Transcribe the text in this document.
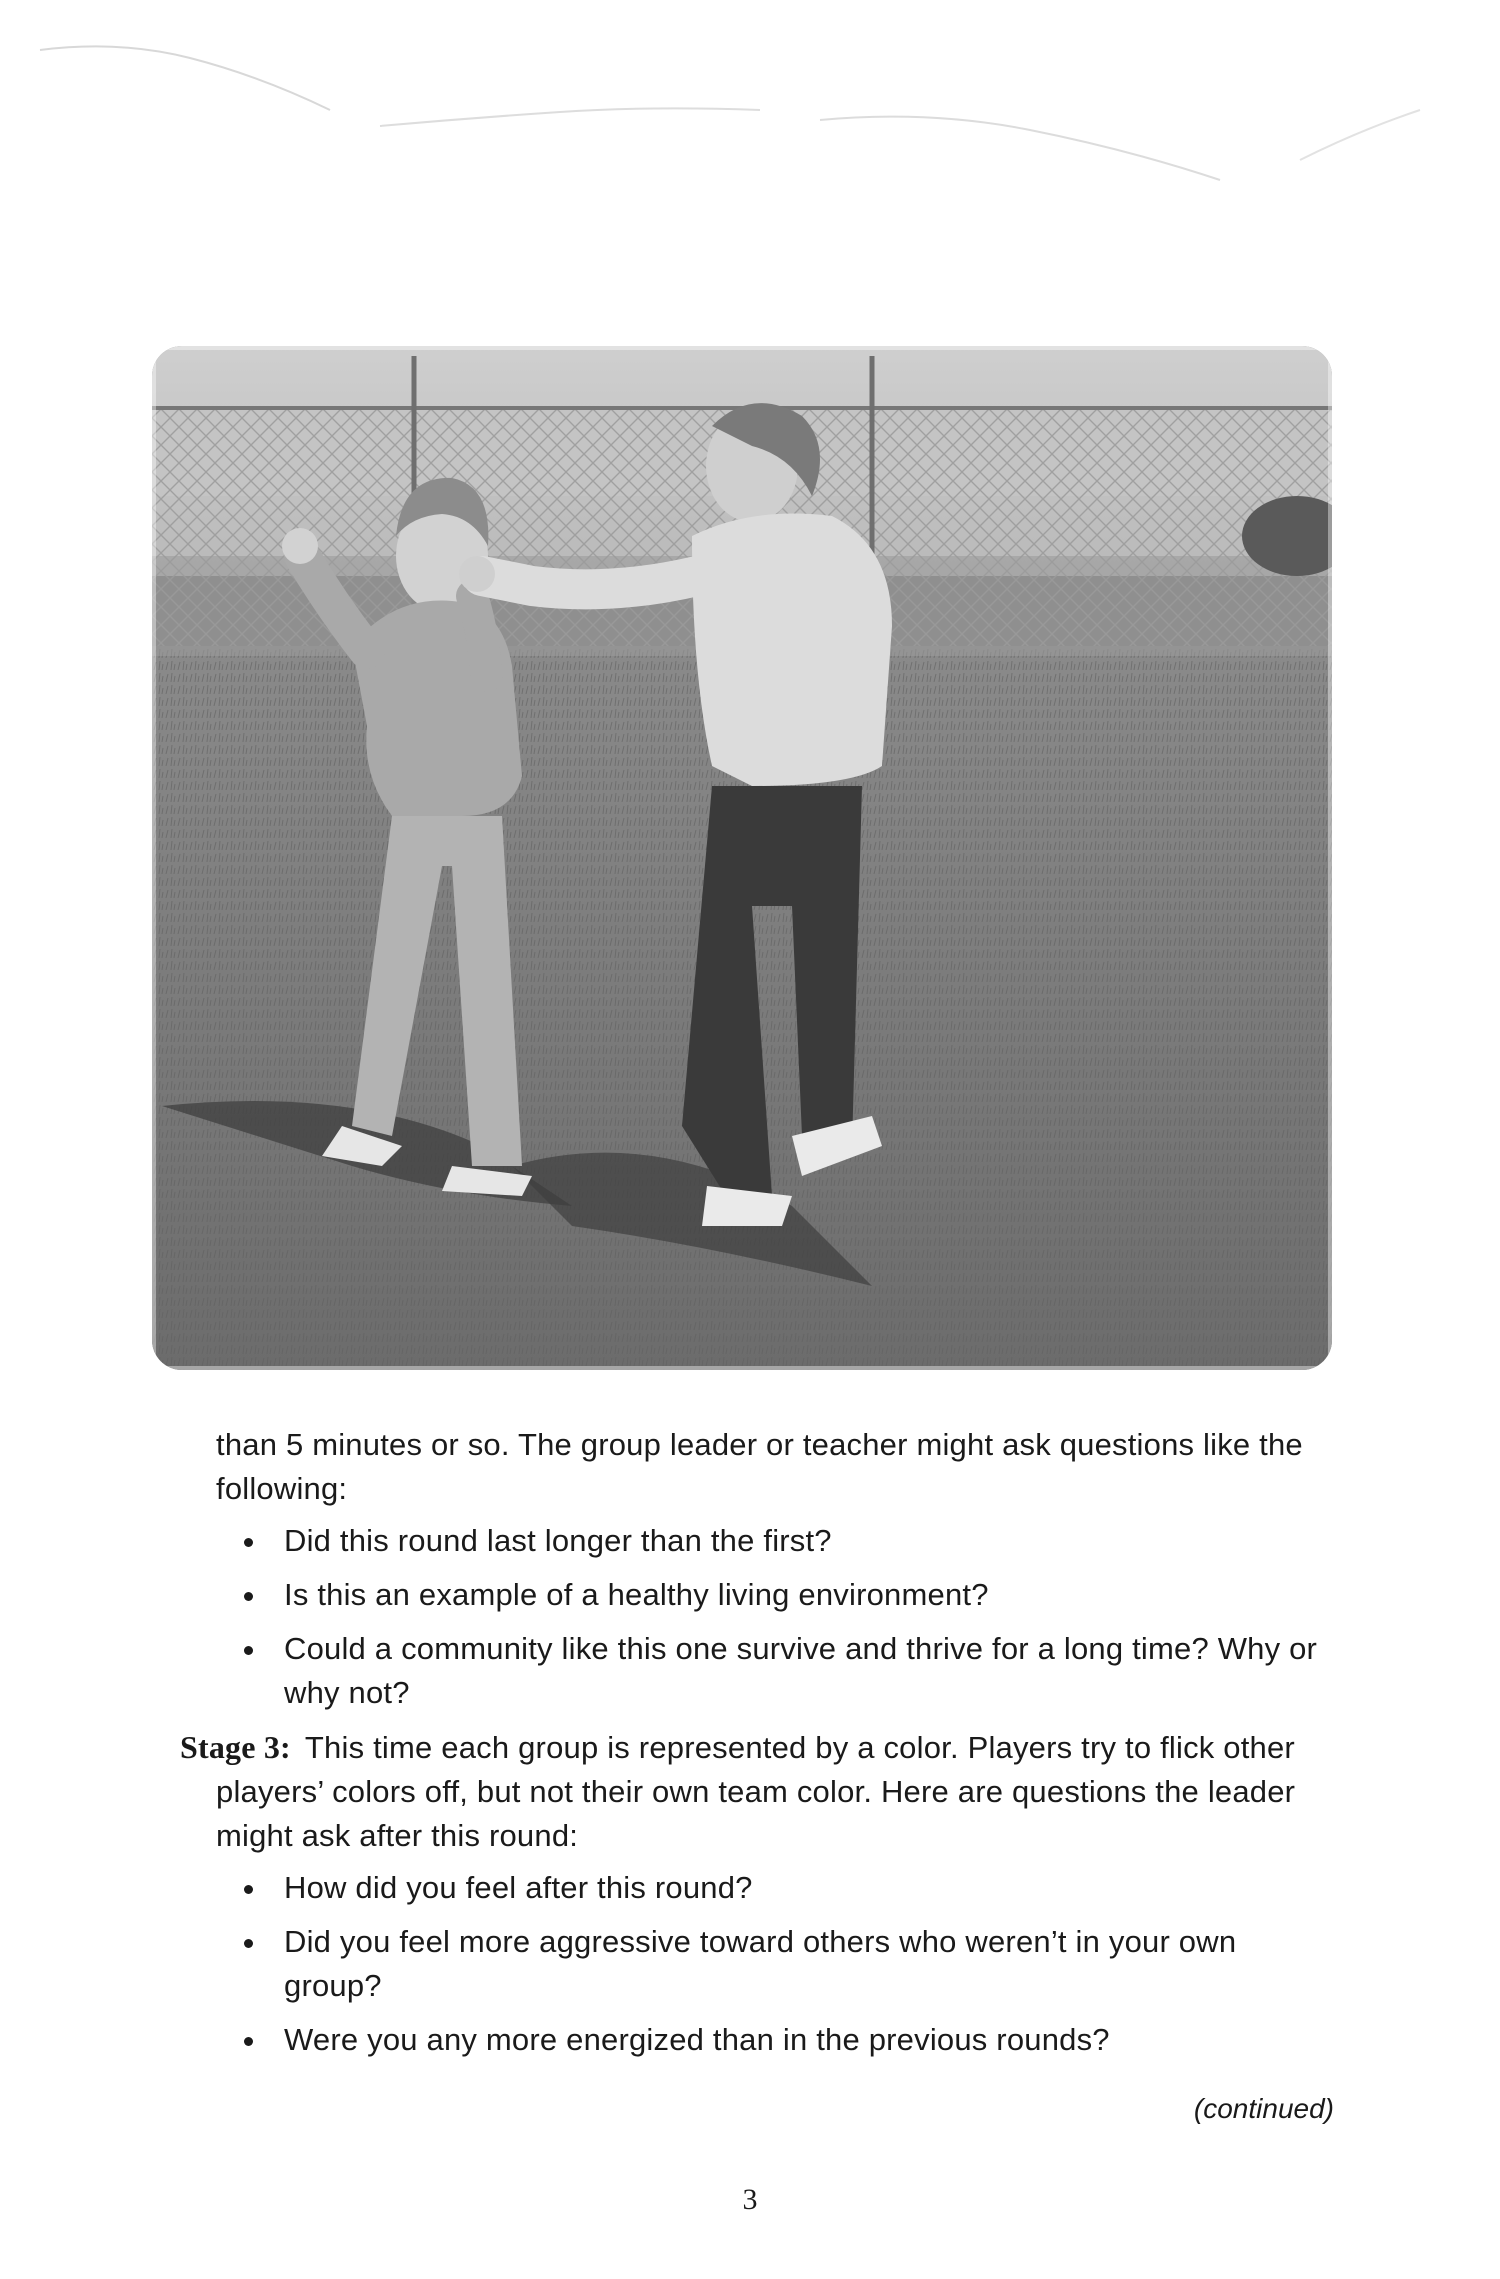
than 5 minutes or so. The group leader or teacher might ask questions like the following:

Did this round last longer than the first?
Is this an example of a healthy living environment?
Could a community like this one survive and thrive for a long time? Why or why not?

Stage 3: This time each group is represented by a color. Players try to flick other players’ colors off, but not their own team color. Here are questions the leader might ask after this round:

How did you feel after this round?
Did you feel more aggressive toward others who weren’t in your own group?
Were you any more energized than in the previous rounds?
(continued)
3
